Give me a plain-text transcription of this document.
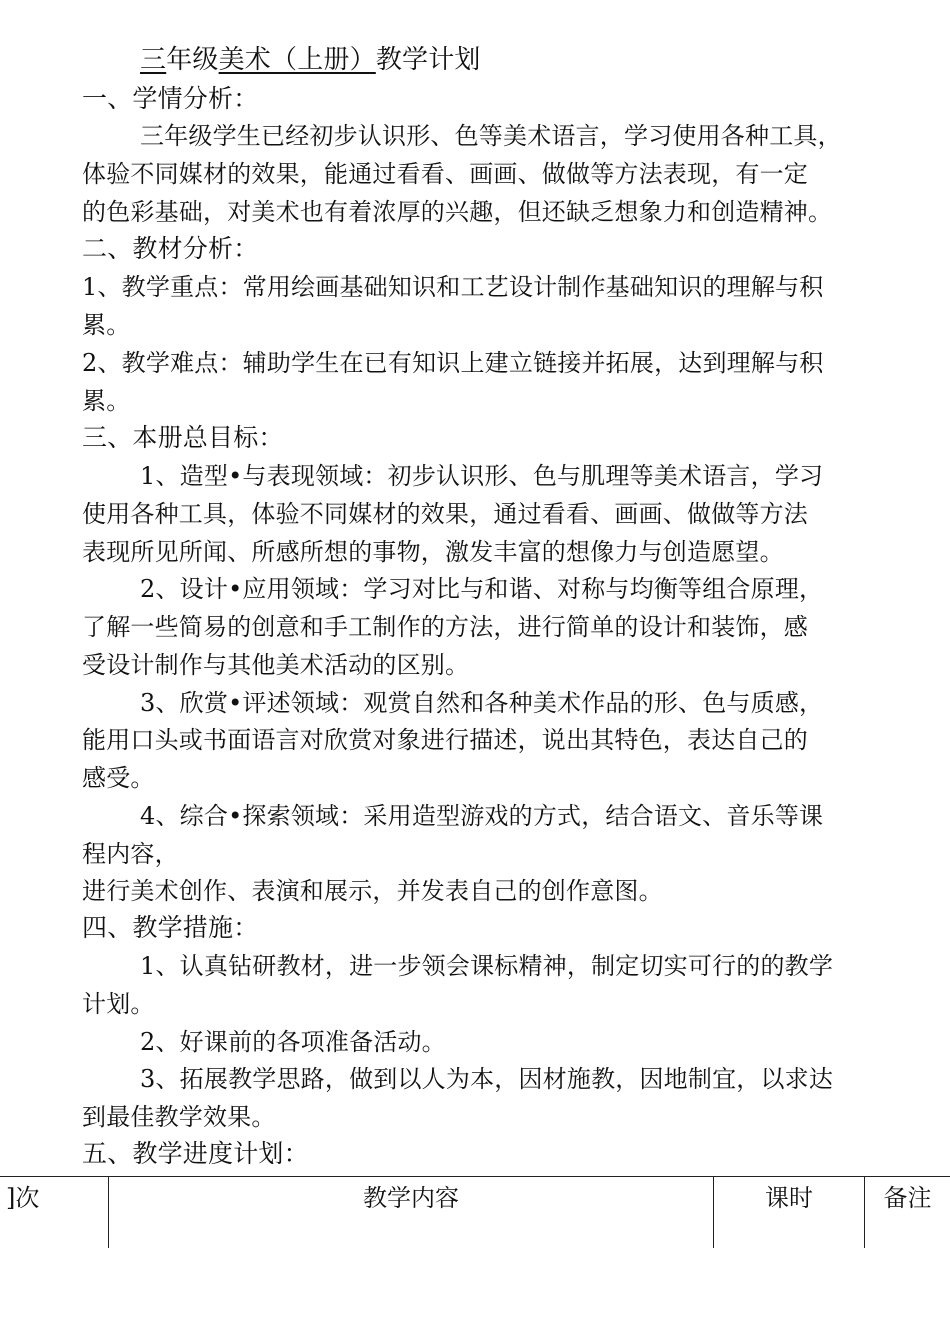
三年级美术（上册）教学计划
一、学情分析：
三年级学生已经初步认识形、色等美术语言，学习使用各种工具，
体验不同媒材的效果，能通过看看、画画、做做等方法表现，有一定
的色彩基础，对美术也有着浓厚的兴趣，但还缺乏想象力和创造精神。
二、教材分析：
1、教学重点：常用绘画基础知识和工艺设计制作基础知识的理解与积
累。
2、教学难点：辅助学生在已有知识上建立链接并拓展，达到理解与积
累。
三、本册总目标：
1、造型•与表现领域：初步认识形、色与肌理等美术语言，学习
使用各种工具，体验不同媒材的效果，通过看看、画画、做做等方法
表现所见所闻、所感所想的事物，激发丰富的想像力与创造愿望。
2、设计•应用领域：学习对比与和谐、对称与均衡等组合原理，
了解一些简易的创意和手工制作的方法，进行简单的设计和装饰，感
受设计制作与其他美术活动的区别。
3、欣赏•评述领域：观赏自然和各种美术作品的形、色与质感，
能用口头或书面语言对欣赏对象进行描述，说出其特色，表达自己的
感受。
4、综合•探索领域：采用造型游戏的方式，结合语文、音乐等课
程内容，
进行美术创作、表演和展示，并发表自己的创作意图。
四、教学措施：
1、认真钻研教材，进一步领会课标精神，制定切实可行的的教学
计划。
2、好课前的各项准备活动。
3、拓展教学思路，做到以人为本，因材施教，因地制宜，以求达
到最佳教学效果。
五、教学进度计划：
]次	教学内容	课时	备注
